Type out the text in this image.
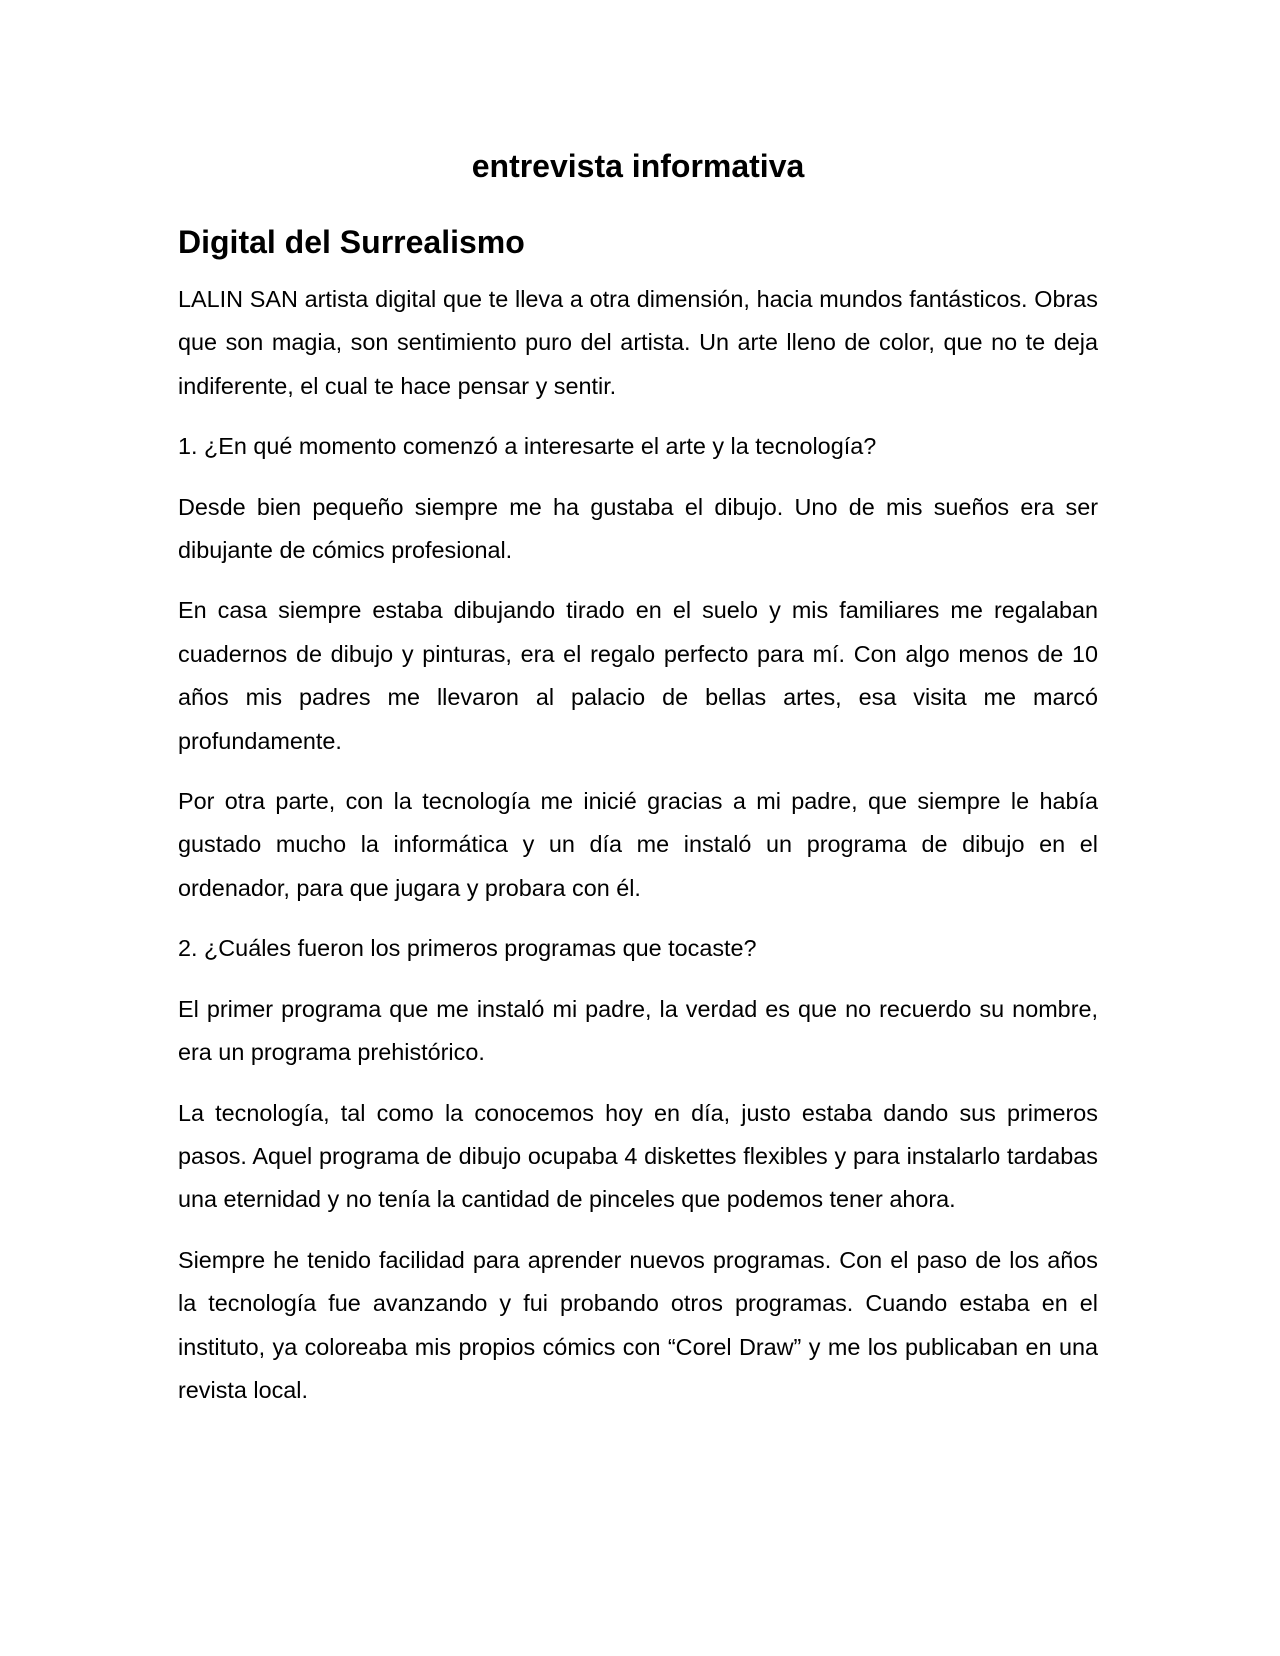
entrevista informativa
Digital del Surrealismo

LALIN SAN artista digital que te lleva a otra dimensión, hacia mundos fantásticos. Obras que son magia, son sentimiento puro del artista. Un arte lleno de color, que no te deja indiferente, el cual te hace pensar y sentir.

1. ¿En qué momento comenzó a interesarte el arte y la tecnología?

Desde bien pequeño siempre me ha gustaba el dibujo. Uno de mis sueños era ser dibujante de cómics profesional.

En casa siempre estaba dibujando tirado en el suelo y mis familiares me regalaban cuadernos de dibujo y pinturas, era el regalo perfecto para mí. Con algo menos de 10 años mis padres me llevaron al palacio de bellas artes, esa visita me marcó profundamente.

Por otra parte, con la tecnología me inicié gracias a mi padre, que siempre le había gustado mucho la informática y un día me instaló un programa de dibujo en el ordenador, para que jugara y probara con él.

2. ¿Cuáles fueron los primeros programas que tocaste?

El primer programa que me instaló mi padre, la verdad es que no recuerdo su nombre, era un programa prehistórico.

La tecnología, tal como la conocemos hoy en día, justo estaba dando sus primeros pasos. Aquel programa de dibujo ocupaba 4 diskettes flexibles y para instalarlo tardabas una eternidad y no tenía la cantidad de pinceles que podemos tener ahora.

Siempre he tenido facilidad para aprender nuevos programas. Con el paso de los años la tecnología fue avanzando y fui probando otros programas. Cuando estaba en el instituto, ya coloreaba mis propios cómics con “Corel Draw” y me los publicaban en una revista local.
